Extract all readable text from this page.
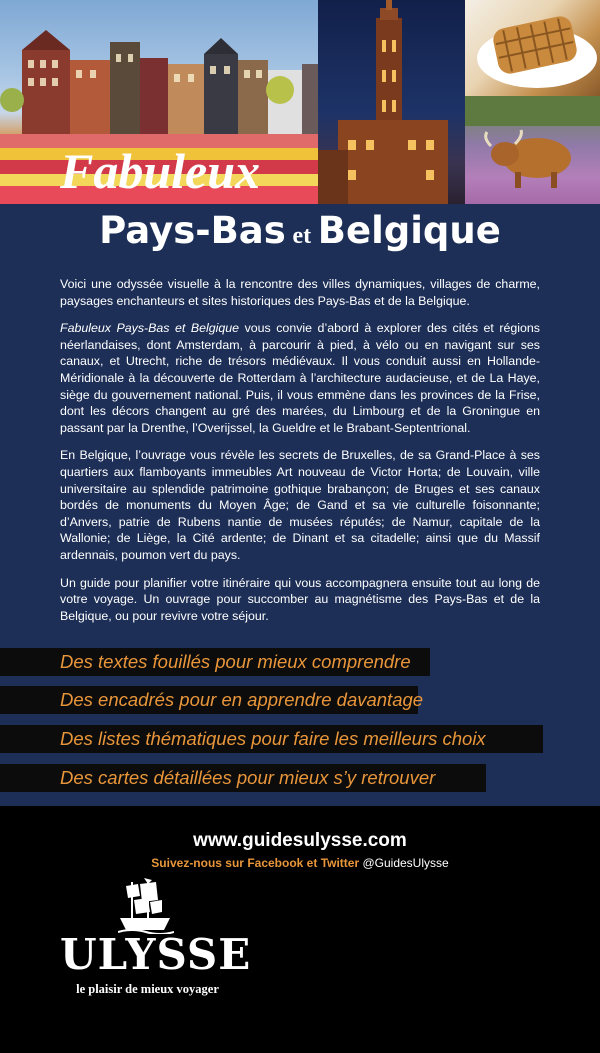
Fabuleux
Pays-Bas et Belgique

Voici une odyssée visuelle à la rencontre des villes dynamiques, villages de charme, paysages enchanteurs et sites historiques des Pays-Bas et de la Belgique.

Fabuleux Pays-Bas et Belgique vous convie d’abord à explorer des cités et régions néerlandaises, dont Amsterdam, à parcourir à pied, à vélo ou en navigant sur ses canaux, et Utrecht, riche de trésors médiévaux. Il vous conduit aussi en Hollande-Méridionale à la découverte de Rotterdam à l’architecture audacieuse, et de La Haye, siège du gouvernement national. Puis, il vous emmène dans les provinces de la Frise, dont les décors changent au gré des marées, du Limbourg et de la Groningue en passant par la Drenthe, l’Overijssel, la Gueldre et le Brabant-Septentrional.

En Belgique, l’ouvrage vous révèle les secrets de Bruxelles, de sa Grand-Place à ses quartiers aux flamboyants immeubles Art nouveau de Victor Horta; de Louvain, ville universitaire au splendide patrimoine gothique brabançon; de Bruges et ses canaux bordés de monuments du Moyen Âge; de Gand et sa vie culturelle foisonnante; d’Anvers, patrie de Rubens nantie de musées réputés; de Namur, capitale de la Wallonie; de Liège, la Cité ardente; de Dinant et sa citadelle; ainsi que du Massif ardennais, poumon vert du pays.

Un guide pour planifier votre itinéraire qui vous accompagnera ensuite tout au long de votre voyage. Un ouvrage pour succomber au magnétisme des Pays-Bas et de la Belgique, ou pour revivre votre séjour.

Des textes fouillés pour mieux comprendre
Des encadrés pour en apprendre davantage
Des listes thématiques pour faire les meilleurs choix
Des cartes détaillées pour mieux s’y retrouver

www.guidesulysse.com

Suivez-nous sur Facebook et Twitter @GuidesUlysse

ULYSSE

le plaisir de mieux voyager
